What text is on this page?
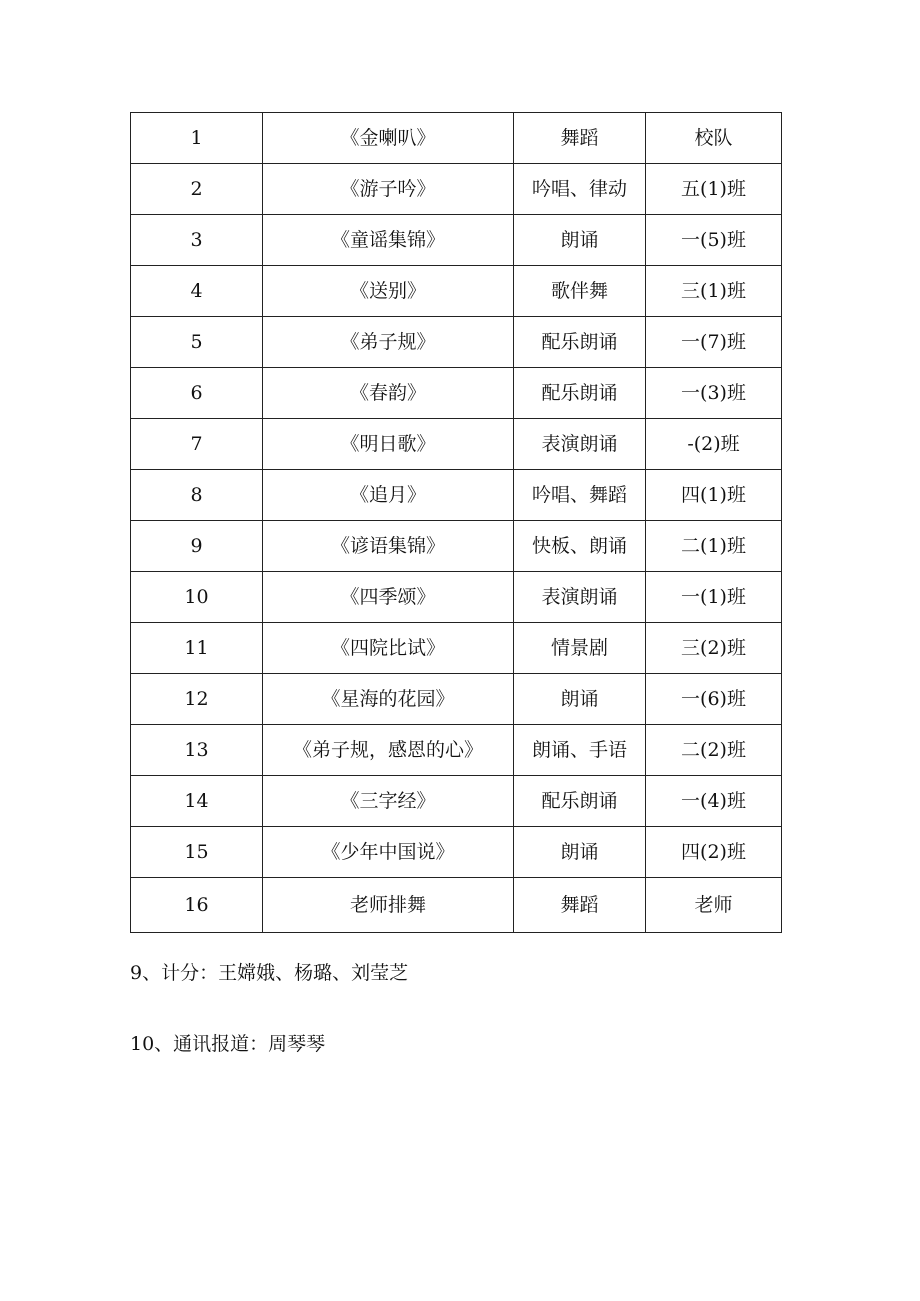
1	《金喇叭》	舞蹈	校队
2	《游子吟》	吟唱、律动	五(1)班
3	《童谣集锦》	朗诵	一(5)班
4	《送别》	歌伴舞	三(1)班
5	《弟子规》	配乐朗诵	一(7)班
6	《春韵》	配乐朗诵	一(3)班
7	《明日歌》	表演朗诵	-(2)班
8	《追月》	吟唱、舞蹈	四(1)班
9	《谚语集锦》	快板、朗诵	二(1)班
10	《四季颂》	表演朗诵	一(1)班
11	《四院比试》	情景剧	三(2)班
12	《星海的花园》	朗诵	一(6)班
13	《弟子规，感恩的心》	朗诵、手语	二(2)班
14	《三字经》	配乐朗诵	一(4)班
15	《少年中国说》	朗诵	四(2)班
16	老师排舞	舞蹈	老师
9、计分：王嫦娥、杨璐、刘莹芝
10、通讯报道：周琴琴
